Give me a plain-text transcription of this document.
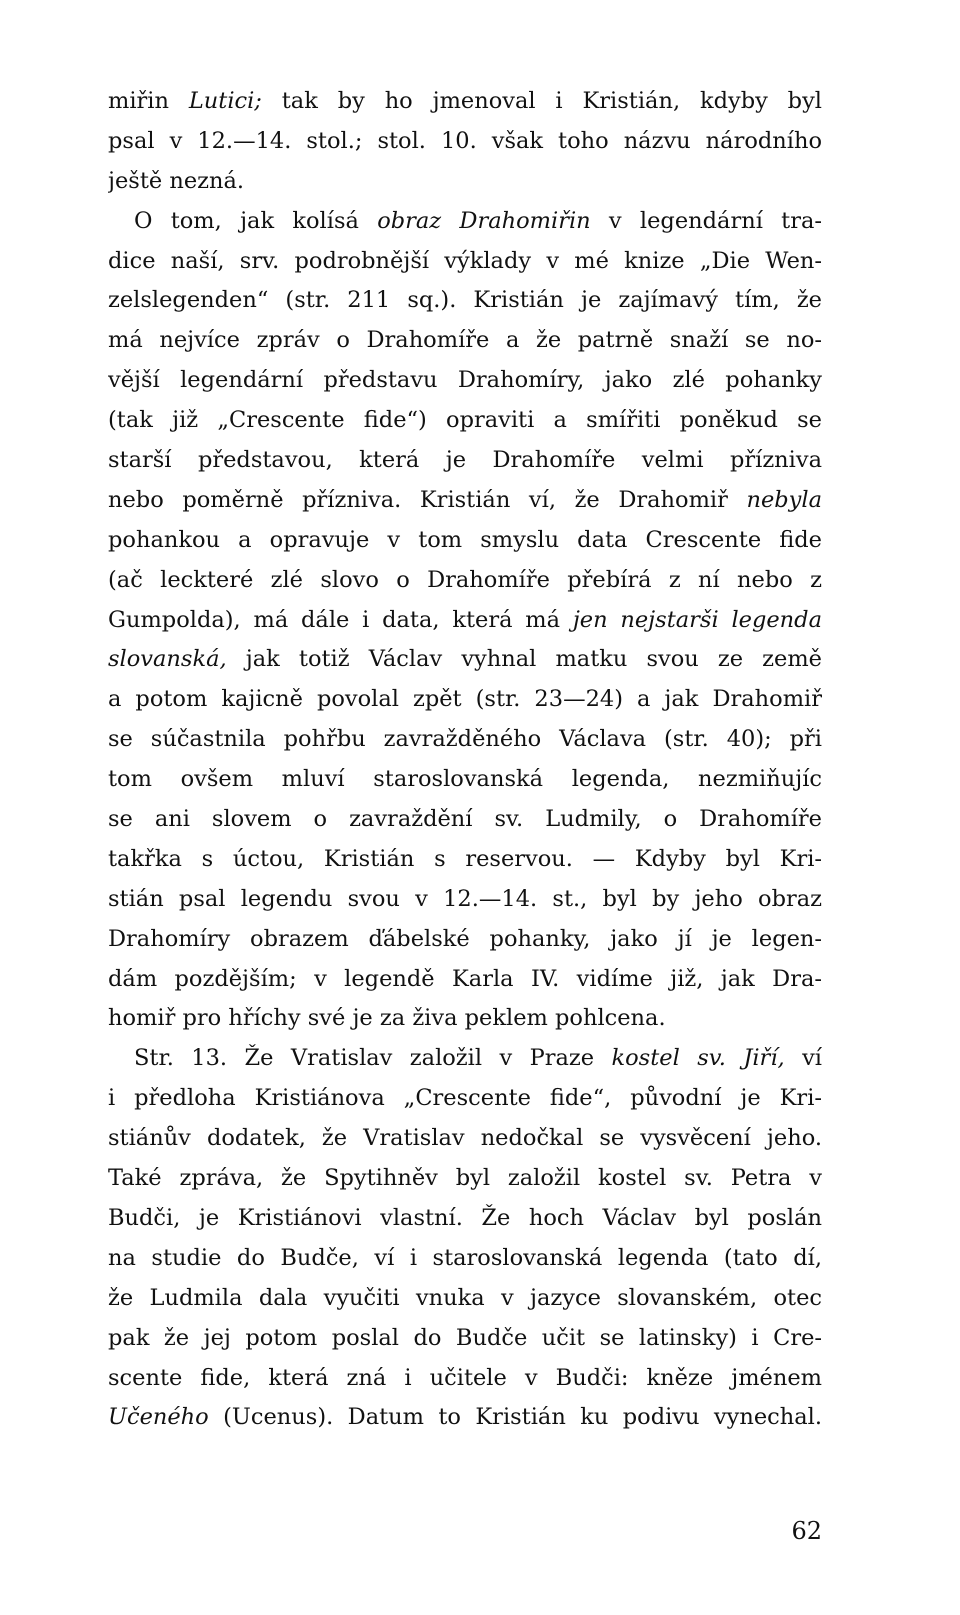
miřin Lutici; tak by ho jmenoval i Kristián, kdyby byl
psal v 12.—14. stol.; stol. 10. však toho názvu národního
ještě nezná.
O tom, jak kolísá obraz Drahomiřin v legendární tra-
dice naší, srv. podrobnější výklady v mé knize „Die Wen-
zelslegenden“ (str. 211 sq.). Kristián je zajímavý tím, že
má nejvíce zpráv o Drahomíře a že patrně snaží se no-
vější legendární představu Drahomíry, jako zlé pohanky
(tak již „Crescente fide“) opraviti a smířiti poněkud se
starší představou, která je Drahomíře velmi přízniva
nebo poměrně přízniva. Kristián ví, že Drahomiř nebyla
pohankou a opravuje v tom smyslu data Crescente fide
(ač leckteré zlé slovo o Drahomíře přebírá z ní nebo z
Gumpolda), má dále i data, která má jen nejstarši legenda
slovanská, jak totiž Václav vyhnal matku svou ze země
a potom kajicně povolal zpět (str. 23—24) a jak Drahomiř
se súčastnila pohřbu zavražděného Václava (str. 40); při
tom ovšem mluví staroslovanská legenda, nezmiňujíc
se ani slovem o zavraždění sv. Ludmily, o Drahomíře
takřka s úctou, Kristián s reservou. — Kdyby byl Kri-
stián psal legendu svou v 12.—14. st., byl by jeho obraz
Drahomíry obrazem ďábelské pohanky, jako jí je legen-
dám pozdějším; v legendě Karla IV. vidíme již, jak Dra-
homiř pro hříchy své je za živa peklem pohlcena.
Str. 13. Že Vratislav založil v Praze kostel sv. Jiří, ví
i předloha Kristiánova „Crescente fide“, původní je Kri-
stiánův dodatek, že Vratislav nedočkal se vysvěcení jeho.
Také zpráva, že Spytihněv byl založil kostel sv. Petra v
Budči, je Kristiánovi vlastní. Že hoch Václav byl poslán
na studie do Budče, ví i staroslovanská legenda (tato dí,
že Ludmila dala vyučiti vnuka v jazyce slovanském, otec
pak že jej potom poslal do Budče učit se latinsky) i Cre-
scente fide, která zná i učitele v Budči: kněze jménem
Učeného (Ucenus). Datum to Kristián ku podivu vynechal.
62
